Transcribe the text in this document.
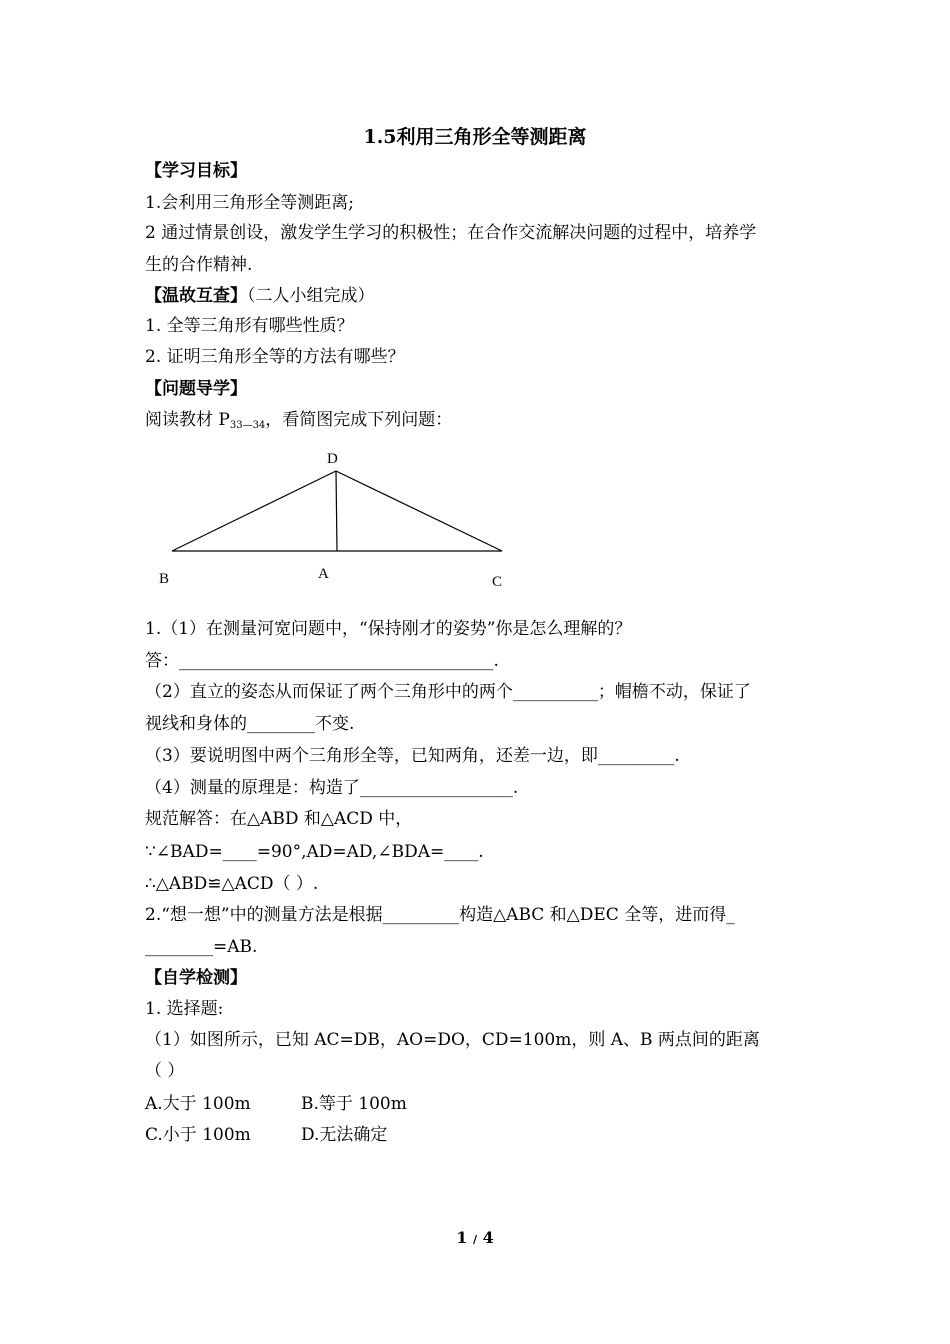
1.5利用三角形全等测距离
【学习目标】
1.会利用三角形全等测距离;
2 通过情景创设，激发学生学习的积极性；在合作交流解决问题的过程中，培养学
生的合作精神.
【温故互查】（二人小组完成）
1. 全等三角形有哪些性质？
2. 证明三角形全等的方法有哪些？
【问题导学】
阅读教材 $P_{33—34}$，看简图完成下列问题：
D
B	A	C
1.（1）在测量河宽问题中，“保持刚才的姿势”你是怎么理解的？
答：_____________________________________.
（2）直立的姿态从而保证了两个三角形中的两个__________；帽檐不动，保证了
视线和身体的________不变.
（3）要说明图中两个三角形全等，已知两角，还差一边，即_________.
（4）测量的原理是：构造了__________________.
规范解答：在△ABD 和△ACD 中，
∵∠BAD=____=90°,AD=AD,∠BDA=____.
∴△ABD≌△ACD（ ）.
2.“想一想”中的测量方法是根据_________构造△ABC 和△DEC 全等，进而得_
________=AB.
【自学检测】
1. 选择题:
（1）如图所示，已知 AC=DB，AO=DO，CD=100m，则 A、B 两点间的距离
（ ）
A.大于 100m	B.等于 100m
C.小于 100m	D.无法确定
1 / 4
